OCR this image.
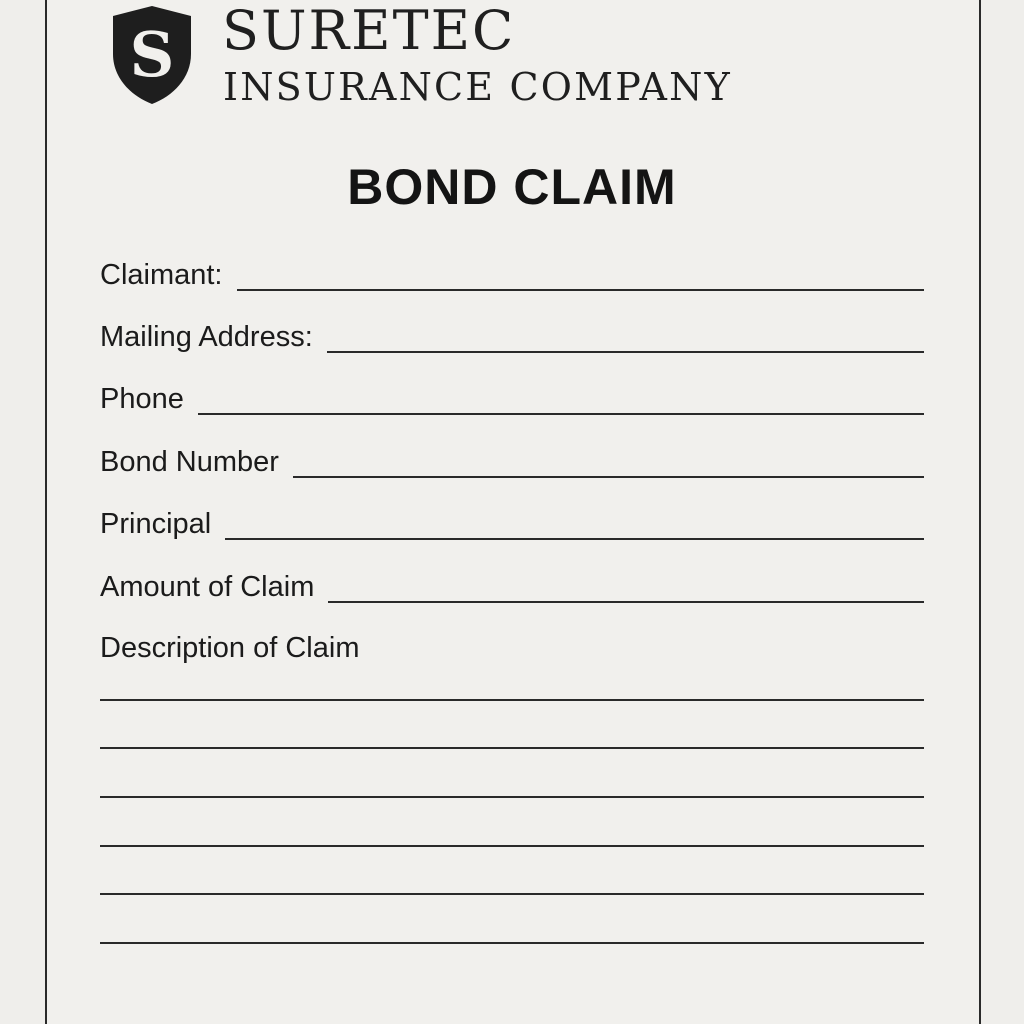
S SURETEC
INSURANCE COMPANY
BOND CLAIM
Claimant:
Mailing Address:
Phone
Bond Number
Principal
Amount of Claim
Description of Claim
